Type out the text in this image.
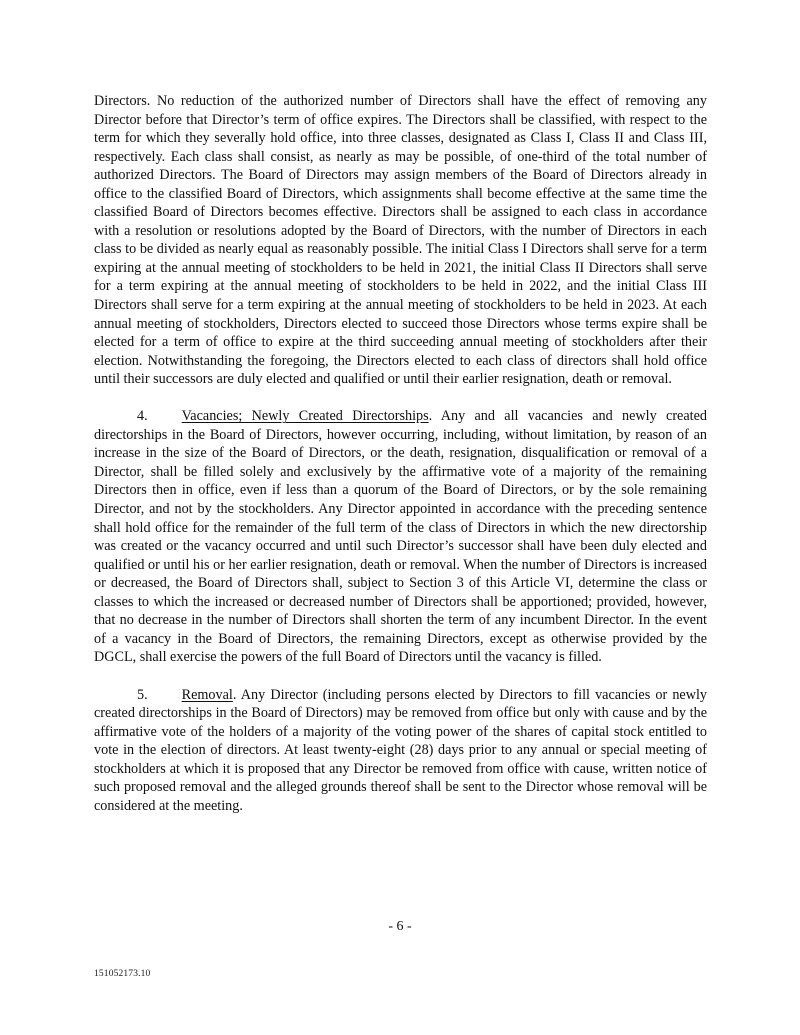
Directors. No reduction of the authorized number of Directors shall have the effect of removing any Director before that Director’s term of office expires. The Directors shall be classified, with respect to the term for which they severally hold office, into three classes, designated as Class I, Class II and Class III, respectively. Each class shall consist, as nearly as may be possible, of one-third of the total number of authorized Directors. The Board of Directors may assign members of the Board of Directors already in office to the classified Board of Directors, which assignments shall become effective at the same time the classified Board of Directors becomes effective. Directors shall be assigned to each class in accordance with a resolution or resolutions adopted by the Board of Directors, with the number of Directors in each class to be divided as nearly equal as reasonably possible. The initial Class I Directors shall serve for a term expiring at the annual meeting of stockholders to be held in 2021, the initial Class II Directors shall serve for a term expiring at the annual meeting of stockholders to be held in 2022, and the initial Class III Directors shall serve for a term expiring at the annual meeting of stockholders to be held in 2023. At each annual meeting of stockholders, Directors elected to succeed those Directors whose terms expire shall be elected for a term of office to expire at the third succeeding annual meeting of stockholders after their election. Notwithstanding the foregoing, the Directors elected to each class of directors shall hold office until their successors are duly elected and qualified or until their earlier resignation, death or removal.

4. Vacancies; Newly Created Directorships. Any and all vacancies and newly created directorships in the Board of Directors, however occurring, including, without limitation, by reason of an increase in the size of the Board of Directors, or the death, resignation, disqualification or removal of a Director, shall be filled solely and exclusively by the affirmative vote of a majority of the remaining Directors then in office, even if less than a quorum of the Board of Directors, or by the sole remaining Director, and not by the stockholders. Any Director appointed in accordance with the preceding sentence shall hold office for the remainder of the full term of the class of Directors in which the new directorship was created or the vacancy occurred and until such Director’s successor shall have been duly elected and qualified or until his or her earlier resignation, death or removal. When the number of Directors is increased or decreased, the Board of Directors shall, subject to Section 3 of this Article VI, determine the class or classes to which the increased or decreased number of Directors shall be apportioned; provided, however, that no decrease in the number of Directors shall shorten the term of any incumbent Director. In the event of a vacancy in the Board of Directors, the remaining Directors, except as otherwise provided by the DGCL, shall exercise the powers of the full Board of Directors until the vacancy is filled.

5. Removal. Any Director (including persons elected by Directors to fill vacancies or newly created directorships in the Board of Directors) may be removed from office but only with cause and by the affirmative vote of the holders of a majority of the voting power of the shares of capital stock entitled to vote in the election of directors. At least twenty-eight (28) days prior to any annual or special meeting of stockholders at which it is proposed that any Director be removed from office with cause, written notice of such proposed removal and the alleged grounds thereof shall be sent to the Director whose removal will be considered at the meeting.

- 6 -
151052173.10
